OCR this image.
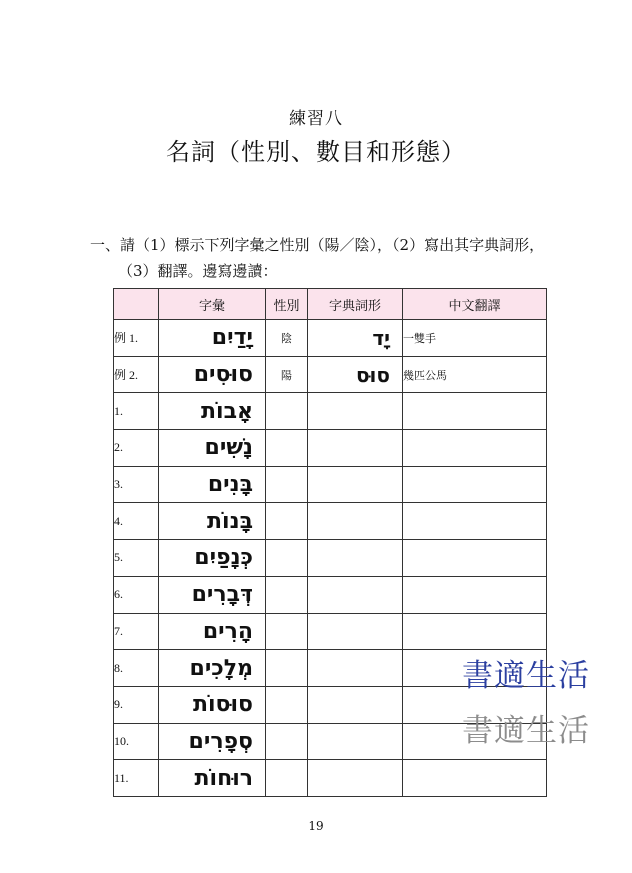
練習八
名詞（性別、數目和形態）
一、請（1）標示下列字彙之性別（陽／陰），（2）寫出其字典詞形，
（3）翻譯。邊寫邊讀：
	字彙	性別	字典詞形	中文翻譯
例 1.	יָדַיִם	陰	יָד	一雙手
例 2.	סוּסִים	陽	סוּס	幾匹公馬
1.	אָבוֹת			
2.	נָשִׁים			
3.	בָּנִים			
4.	בָּנוֹת			
5.	כְּנָפַיִם			
6.	דְּבָרִים			
7.	הָרִים			
8.	מְלָכִים			
9.	סוּסוֹת			
10.	סְפָרִים			
11.	רוּחוֹת			
書適生活
書適生活
19
